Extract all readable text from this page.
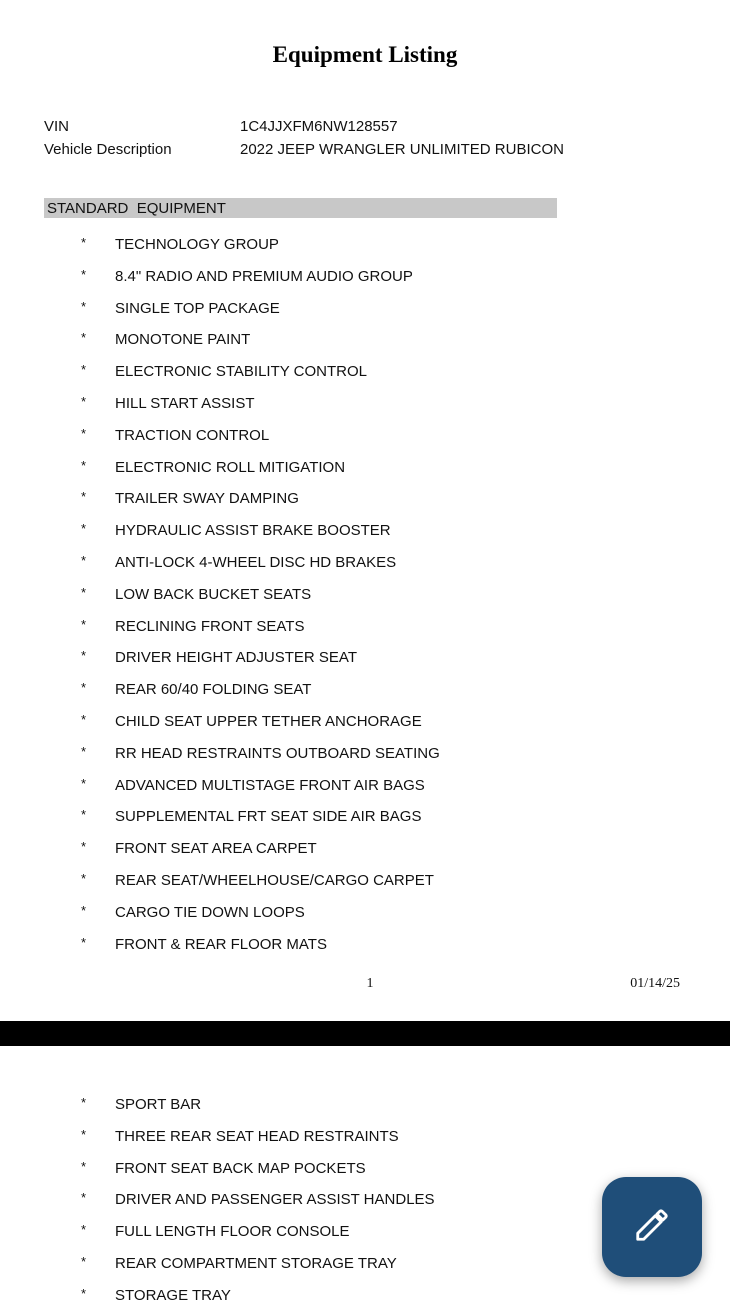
Equipment Listing
VIN	1C4JJXFM6NW128557
Vehicle Description	2022 JEEP WRANGLER UNLIMITED RUBICON
STANDARD  EQUIPMENT
* TECHNOLOGY GROUP
* 8.4" RADIO AND PREMIUM AUDIO GROUP
* SINGLE TOP PACKAGE
* MONOTONE PAINT
* ELECTRONIC STABILITY CONTROL
* HILL START ASSIST
* TRACTION CONTROL
* ELECTRONIC ROLL MITIGATION
* TRAILER SWAY DAMPING
* HYDRAULIC ASSIST BRAKE BOOSTER
* ANTI-LOCK 4-WHEEL DISC HD BRAKES
* LOW BACK BUCKET SEATS
* RECLINING FRONT SEATS
* DRIVER HEIGHT ADJUSTER SEAT
* REAR 60/40 FOLDING SEAT
* CHILD SEAT UPPER TETHER ANCHORAGE
* RR HEAD RESTRAINTS OUTBOARD SEATING
* ADVANCED MULTISTAGE FRONT AIR BAGS
* SUPPLEMENTAL FRT SEAT SIDE AIR BAGS
* FRONT SEAT AREA CARPET
* REAR SEAT/WHEELHOUSE/CARGO CARPET
* CARGO TIE DOWN LOOPS
* FRONT & REAR FLOOR MATS
1	01/14/25
* SPORT BAR
* THREE REAR SEAT HEAD RESTRAINTS
* FRONT SEAT BACK MAP POCKETS
* DRIVER AND PASSENGER ASSIST HANDLES
* FULL LENGTH FLOOR CONSOLE
* REAR COMPARTMENT STORAGE TRAY
* STORAGE TRAY
